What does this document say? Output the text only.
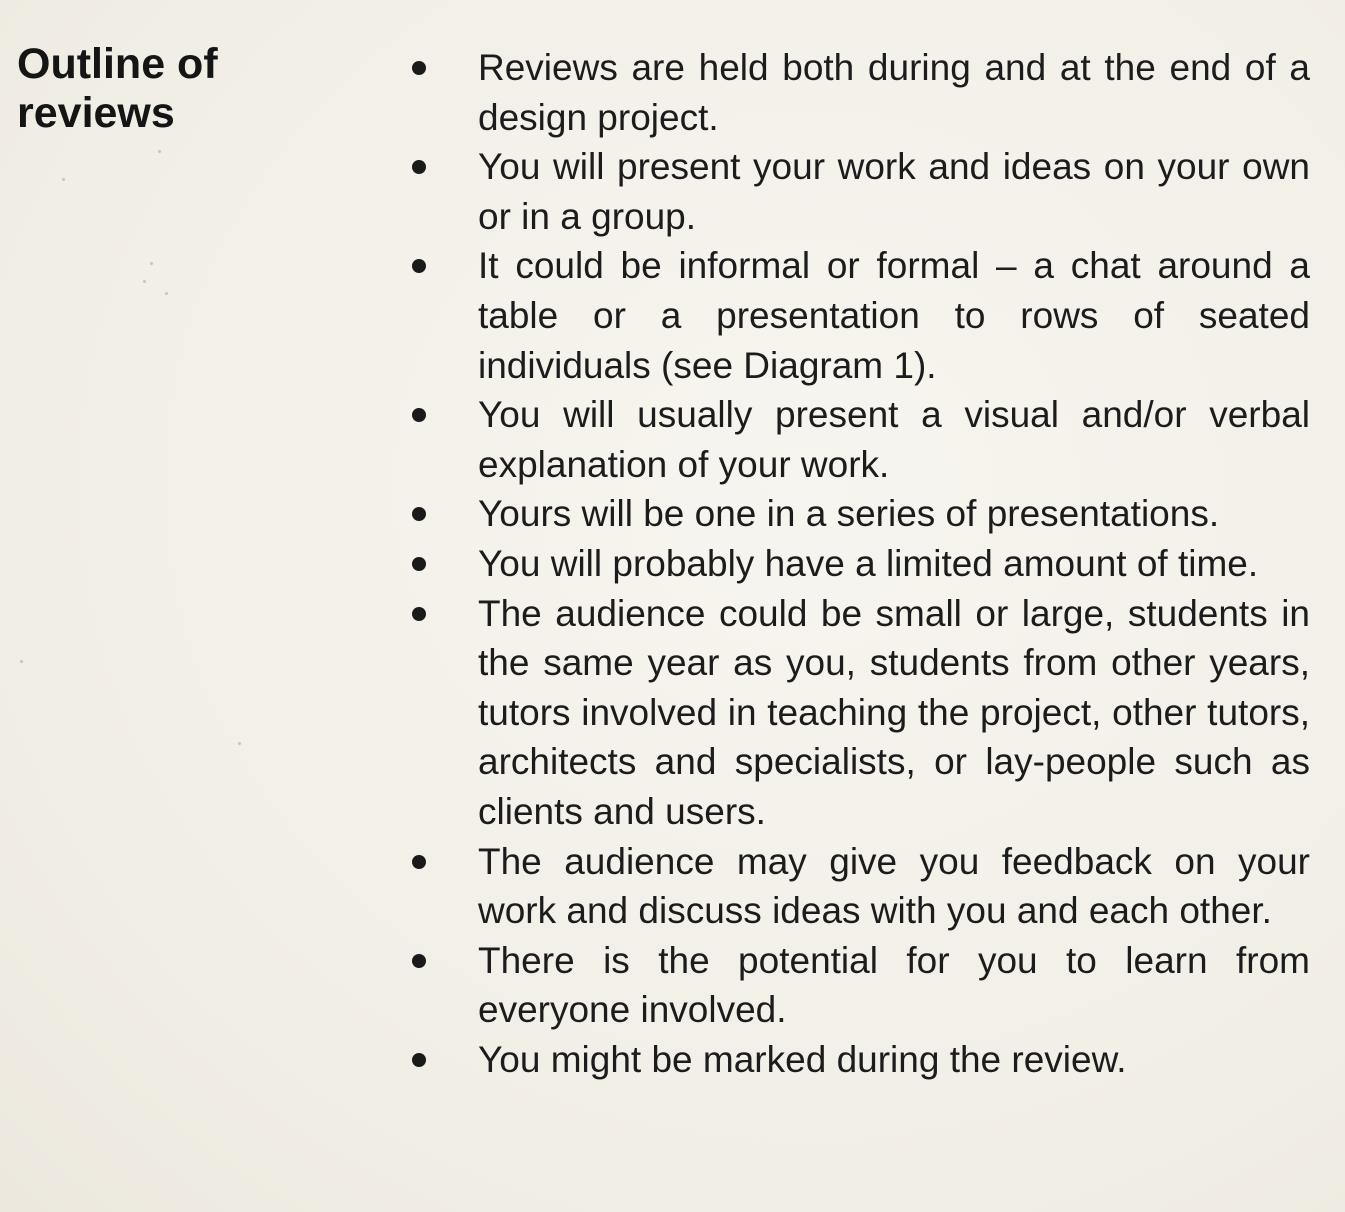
Outline of reviews
Reviews are held both during and at the end of a design project.
You will present your work and ideas on your own or in a group.
It could be informal or formal – a chat around a table or a presentation to rows of seated individuals (see Diagram 1).
You will usually present a visual and/or verbal explanation of your work.
Yours will be one in a series of presentations.
You will probably have a limited amount of time.
The audience could be small or large, students in the same year as you, students from other years, tutors involved in teaching the project, other tutors, architects and specialists, or lay-people such as clients and users.
The audience may give you feedback on your work and discuss ideas with you and each other.
There is the potential for you to learn from everyone involved.
You might be marked during the review.
